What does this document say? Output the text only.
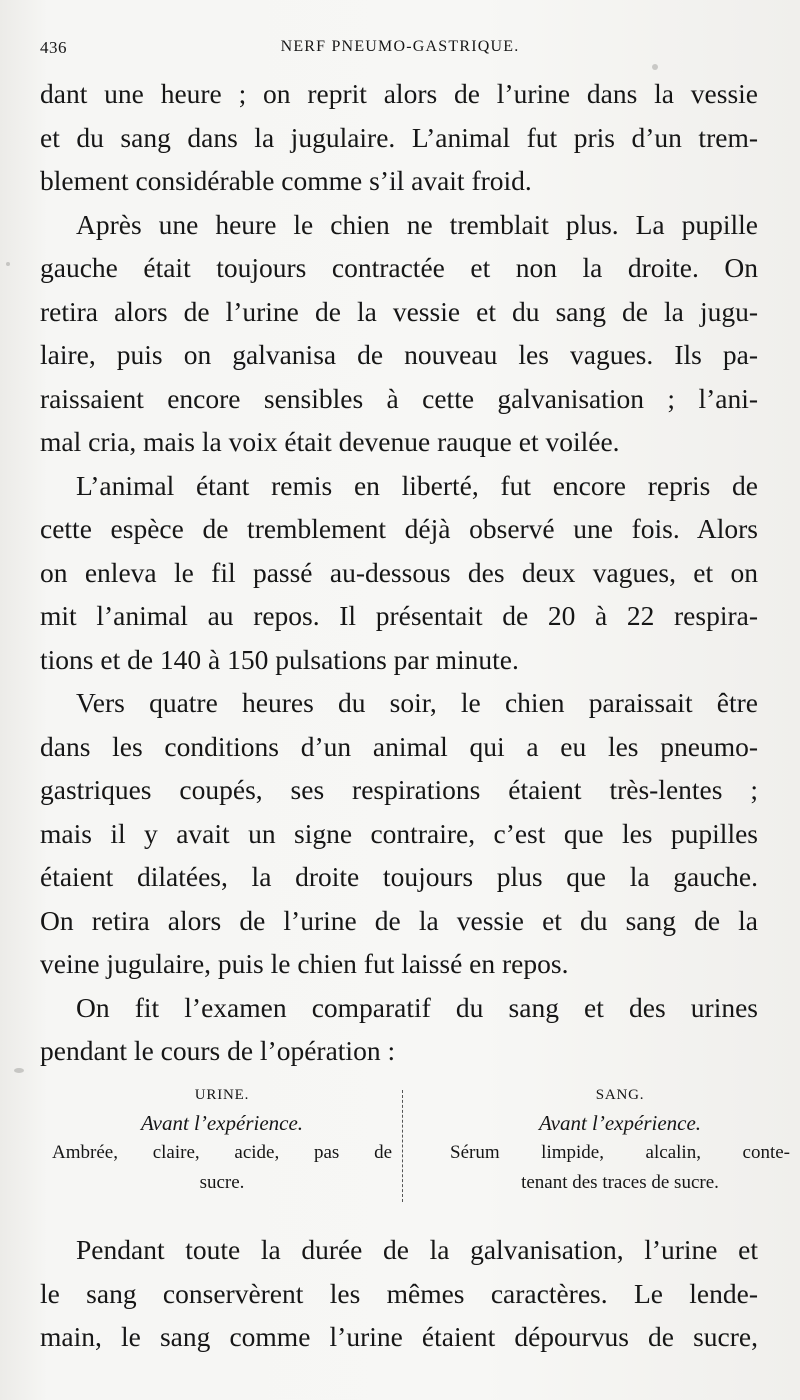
436	NERF PNEUMO-GASTRIQUE.
dant une heure ; on reprit alors de l’urine dans la vessie
et du sang dans la jugulaire. L’animal fut pris d’un trem-
blement considérable comme s’il avait froid.
Après une heure le chien ne tremblait plus. La pupille
gauche était toujours contractée et non la droite. On
retira alors de l’urine de la vessie et du sang de la jugu-
laire, puis on galvanisa de nouveau les vagues. Ils pa-
raissaient encore sensibles à cette galvanisation ; l’ani-
mal cria, mais la voix était devenue rauque et voilée.
L’animal étant remis en liberté, fut encore repris de
cette espèce de tremblement déjà observé une fois. Alors
on enleva le fil passé au-dessous des deux vagues, et on
mit l’animal au repos. Il présentait de 20 à 22 respira-
tions et de 140 à 150 pulsations par minute.
Vers quatre heures du soir, le chien paraissait être
dans les conditions d’un animal qui a eu les pneumo-
gastriques coupés, ses respirations étaient très-lentes ;
mais il y avait un signe contraire, c’est que les pupilles
étaient dilatées, la droite toujours plus que la gauche.
On retira alors de l’urine de la vessie et du sang de la
veine jugulaire, puis le chien fut laissé en repos.
On fit l’examen comparatif du sang et des urines
pendant le cours de l’opération :
URINE.
Avant l’expérience.
Ambrée, claire, acide, pas de
sucre.
SANG.
Avant l’expérience.
Sérum limpide, alcalin, conte-
tenant des traces de sucre.
Pendant toute la durée de la galvanisation, l’urine et
le sang conservèrent les mêmes caractères. Le lende-
main, le sang comme l’urine étaient dépourvus de sucre,
